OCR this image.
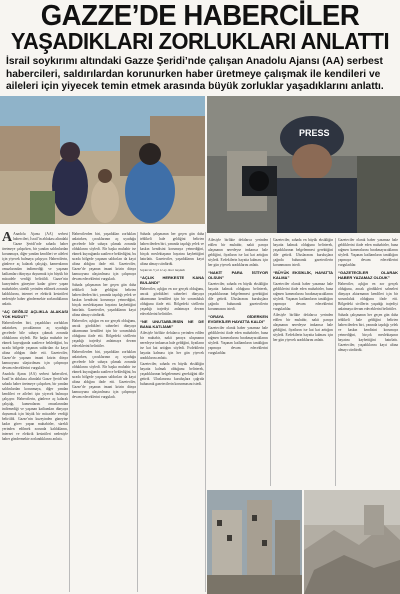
GAZZE’DE HABERCİLER
YAŞADIKLARI ZORLUKLARI ANLATTI
İsrail soykırımı altındaki Gazze Şeridi’nde çalışan Anadolu Ajansı (AA) serbest habercileri, saldırılardan korunurken haber üretmeye çalışmak ile kendileri ve aileleri için yiyecek temin etmek arasında büyük zorluklar yaşadıklarını anlattı.
PRESS
A Anadolu Ajansı (AA) serbest habercileri, İsrail’in ablukası altındaki Gazze Şeridi’nde sahada haber üretmeye çalışırken, bir yandan saldırılardan korunmaya, diğer yandan kendileri ve aileleri için yiyecek bulmaya çalışıyor. Habercilerin, günlerce aç kalarak çalıştığı, kameralarını omuzlarından indirmediği ve yaşanan katliamları dünyaya duyurmak için büyük bir mücadele verdiği belirtildi. Gazze’nin kuzeyinden güneyine kadar görev yapan muhabirler, sürekli yerinden edilmek zorunda kaldıklarını, internet ve elektrik kesintileri nedeniyle haber göndermekte zorlandıklarını anlattı.

“AÇ DEĞİLİZ AÇLIKLA ALAKASI YOK HUDUT”

Habercilerden biri, yaşadıkları zorlukları anlatırken, çocuklarının aç uyuduğu gecelerde bile sahaya çıkmak zorunda olduklarını söyledi. Bir başka muhabir ise ekmek kuyruğunda saatlerce beklediğini, bu sırada bölgede yaşanan saldırıları da kayıt altına aldığını ifade etti. Gazeteciler, Gazze’de yaşanan insani krizin dünya kamuoyuna ulaştırılması için çalışmaya devam edeceklerini vurguladı.

Anadolu Ajansı (AA) serbest habercileri, İsrail’in ablukası altındaki Gazze Şeridi’nde sahada haber üretmeye çalışırken, bir yandan saldırılardan korunmaya, diğer yandan kendileri ve aileleri için yiyecek bulmaya çalışıyor. Habercilerin, günlerce aç kalarak çalıştığı, kameralarını omuzlarından indirmediği ve yaşanan katliamları dünyaya duyurmak için büyük bir mücadele verdiği belirtildi. Gazze’nin kuzeyinden güneyine kadar görev yapan muhabirler, sürekli yerinden edilmek zorunda kaldıklarını, internet ve elektrik kesintileri nedeniyle haber göndermekte zorlandıklarını anlattı.

Habercilerden biri, yaşadıkları zorlukları anlatırken, çocuklarının aç uyuduğu gecelerde bile sahaya çıkmak zorunda olduklarını söyledi. Bir başka muhabir ise ekmek kuyruğunda saatlerce beklediğini, bu sırada bölgede yaşanan saldırıları da kayıt altına aldığını ifade etti. Gazeteciler, Gazze’de yaşanan insani krizin dünya kamuoyuna ulaştırılması için çalışmaya devam edeceklerini vurguladı.

Sahada çalışmanın her geçen gün daha tehlikeli hale geldiğini belirten habercilerden biri, yanında taşıdığı yelek ve kaskın kendisini korumaya yetmediğini, birçok meslektaşının hayatını kaybettiğini hatırlattı. Gazeteciler, yaşadıklarını kayıt altına almayı sürdürdü.

Haberciler, açlığın en zor gerçek olduğunu, ancak gördükleri sahneleri dünyaya aktarmanın kendileri için bir sorumluluk olduğunu ifade etti. Bölgedeki sivillerin yaşadığı trajediyi anlatmaya devam edeceklerini belirttiler.

Habercilerden biri, yaşadıkları zorlukları anlatırken, çocuklarının aç uyuduğu gecelerde bile sahaya çıkmak zorunda olduklarını söyledi. Bir başka muhabir ise ekmek kuyruğunda saatlerce beklediğini, bu sırada bölgede yaşanan saldırıları da kayıt altına aldığını ifade etti. Gazeteciler, Gazze’de yaşanan insani krizin dünya kamuoyuna ulaştırılması için çalışmaya devam edeceklerini vurguladı.

Sahada çalışmanın her geçen gün daha tehlikeli hale geldiğini belirten habercilerden biri, yanında taşıdığı yelek ve kaskın kendisini korumaya yetmediğini, birçok meslektaşının hayatını kaybettiğini hatırlattı. Gazeteciler, yaşadıklarını kayıt altına almayı sürdürdü.

Soykırım 3 yıl 11 ay önce başladı
“AÇLIK HERKESTE KANA BULANDI”

Haberciler, açlığın en zor gerçek olduğunu, ancak gördükleri sahneleri dünyaya aktarmanın kendileri için bir sorumluluk olduğunu ifade etti. Bölgedeki sivillerin yaşadığı trajediyi anlatmaya devam edeceklerini belirttiler.

“NE UNUTABİLİRSİN NE DE BANA KATLİAMI”

Ailesiyle birlikte defalarca yerinden edilen bir muhabir, nakit paraya ulaşmanın neredeyse imkansız hale geldiğini, fiyatların ise kat kat arttığını söyledi. Evdekilerin hayatta kalması için her gün yiyecek aradıklarını anlattı.

Gazeteciler, sahada en büyük eksikliğin hayatta kalmak olduğunu belirterek, yaşadıklarının belgelenmesi gerektiğini dile getirdi. Uluslararası kuruluşlara çağrıda bulunarak gazetecilerin korunmasını istedi.

Ailesiyle birlikte defalarca yerinden edilen bir muhabir, nakit paraya ulaşmanın neredeyse imkansız hale geldiğini, fiyatların ise kat kat arttığını söyledi. Evdekilerin hayatta kalması için her gün yiyecek aradıklarını anlattı.

“NAKİT PARA İSTİYOR OLSUN”

Gazeteciler, sahada en büyük eksikliğin hayatta kalmak olduğunu belirterek, yaşadıklarının belgelenmesi gerektiğini dile getirdi. Uluslararası kuruluşlara çağrıda bulunarak gazetecilerin korunmasını istedi.

“ORAYA GİDERKEN EVDEKİLER HAYATTA KALDI”

Gazeteciler olarak haber yazamaz hale geldiklerini ifade eden muhabirler, buna rağmen kameralarını bırakmayacaklarını söyledi. Yaşanan katliamların tanıklığını yapmaya devam edeceklerini vurguladılar.

Gazeteciler, sahada en büyük eksikliğin hayatta kalmak olduğunu belirterek, yaşadıklarının belgelenmesi gerektiğini dile getirdi. Uluslararası kuruluşlara çağrıda bulunarak gazetecilerin korunmasını istedi.

“BÜYÜK EKSİKLİK, HAYATTA KALMA”

Gazeteciler olarak haber yazamaz hale geldiklerini ifade eden muhabirler, buna rağmen kameralarını bırakmayacaklarını söyledi. Yaşanan katliamların tanıklığını yapmaya devam edeceklerini vurguladılar.

Ailesiyle birlikte defalarca yerinden edilen bir muhabir, nakit paraya ulaşmanın neredeyse imkansız hale geldiğini, fiyatların ise kat kat arttığını söyledi. Evdekilerin hayatta kalması için her gün yiyecek aradıklarını anlattı.

Gazeteciler olarak haber yazamaz hale geldiklerini ifade eden muhabirler, buna rağmen kameralarını bırakmayacaklarını söyledi. Yaşanan katliamların tanıklığını yapmaya devam edeceklerini vurguladılar.

“GAZETECİLER OLARAK HABER YAZAMAZ OLDUK”

Haberciler, açlığın en zor gerçek olduğunu, ancak gördükleri sahneleri dünyaya aktarmanın kendileri için bir sorumluluk olduğunu ifade etti. Bölgedeki sivillerin yaşadığı trajediyi anlatmaya devam edeceklerini belirttiler.

Sahada çalışmanın her geçen gün daha tehlikeli hale geldiğini belirten habercilerden biri, yanında taşıdığı yelek ve kaskın kendisini korumaya yetmediğini, birçok meslektaşının hayatını kaybettiğini hatırlattı. Gazeteciler, yaşadıklarını kayıt altına almayı sürdürdü.
